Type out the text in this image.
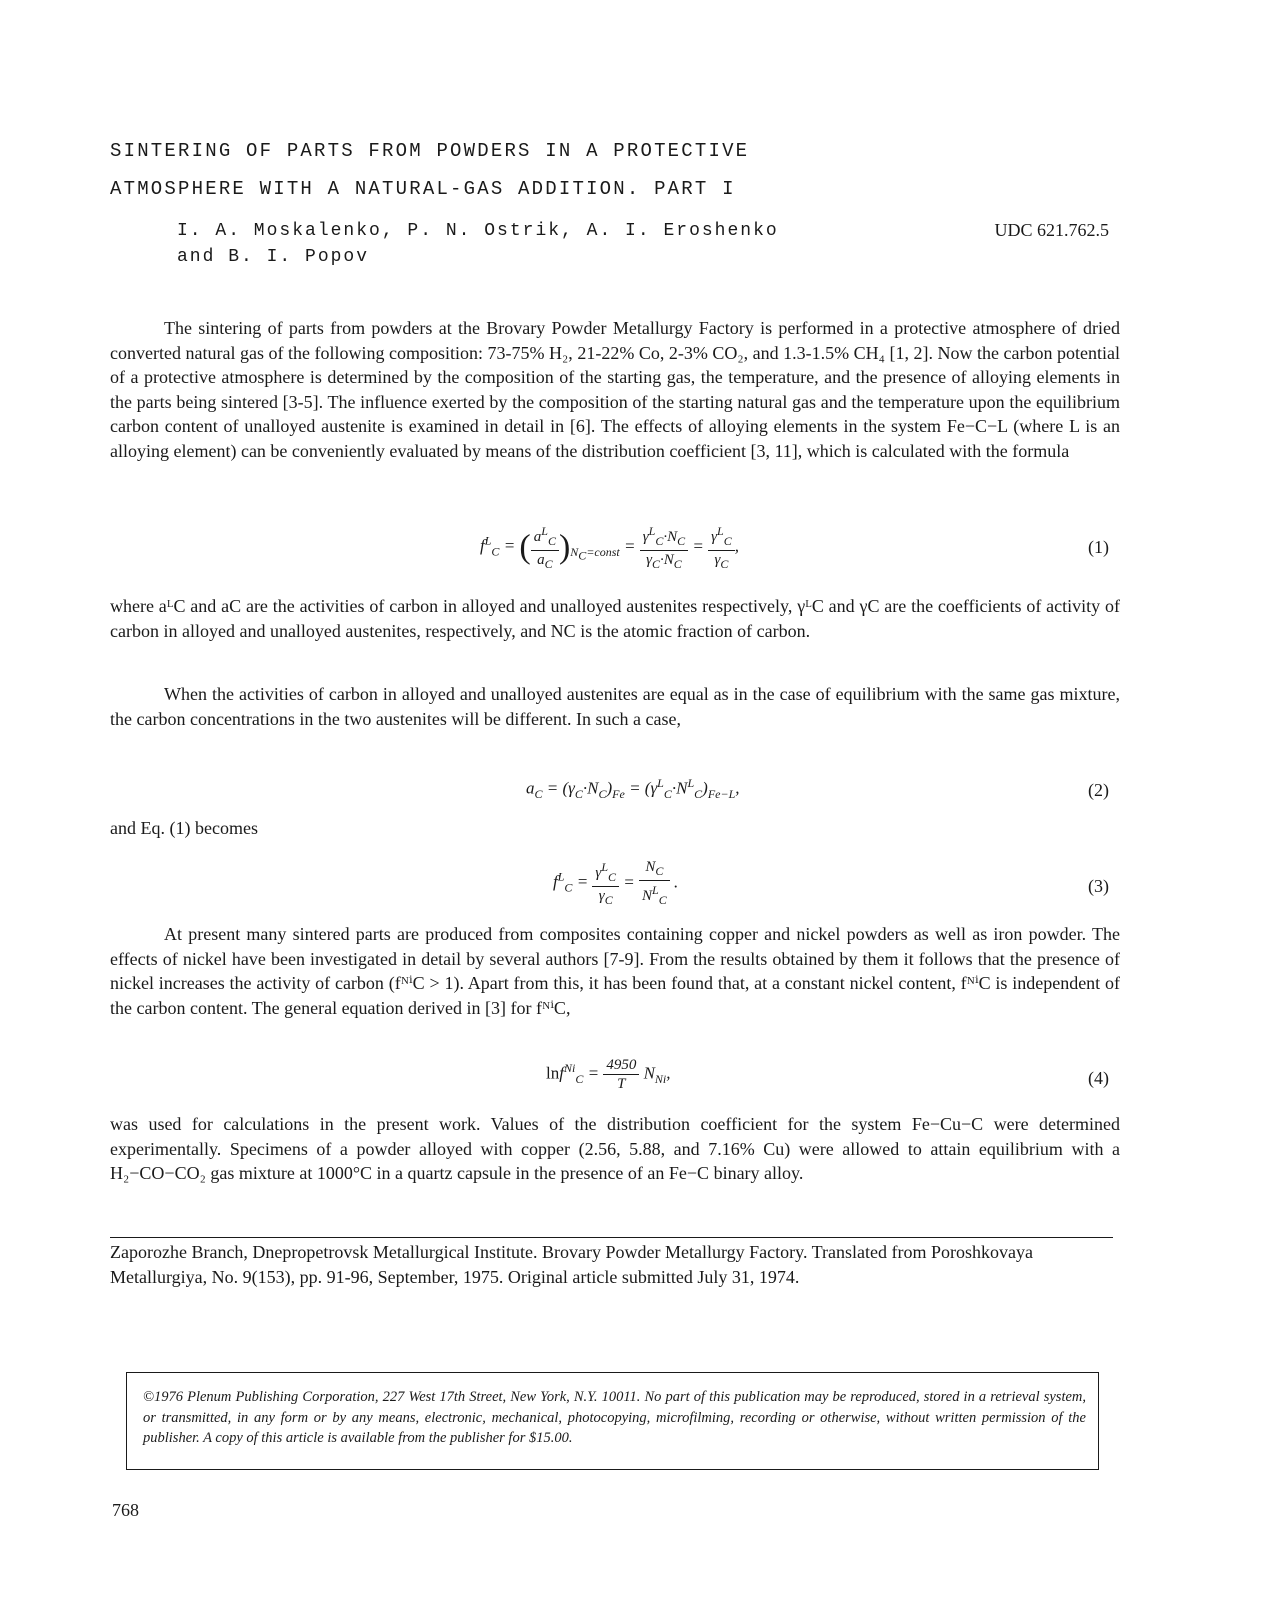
SINTERING OF PARTS FROM POWDERS IN A PROTECTIVE
ATMOSPHERE WITH A NATURAL-GAS ADDITION. PART I
I. A. Moskalenko, P. N. Ostrik, A. I. Eroshenko
and B. I. Popov
UDC 621.762.5

The sintering of parts from powders at the Brovary Powder Metallurgy Factory is performed in a protective atmosphere of dried converted natural gas of the following composition: 73-75% H₂, 21-22% Co, 2-3% CO₂, and 1.3-1.5% CH₄ [1, 2]. Now the carbon potential of a protective atmosphere is determined by the composition of the starting gas, the temperature, and the presence of alloying elements in the parts being sintered [3-5]. The influence exerted by the composition of the starting natural gas and the temperature upon the equilibrium carbon content of unalloyed austenite is examined in detail in [6]. The effects of alloying elements in the system Fe−C−L (where L is an alloying element) can be conveniently evaluated by means of the distribution coefficient [3, 11], which is calculated with the formula

$f^L_C$ = ( $\frac{a^L_C}{a_C} )_{N_C=const} = \frac{\gamma^L_C\cdot N_C}{\gamma_C\cdot N_C} = \frac{\gamma^L_C}{\gamma_C}$ ,	(1)

where aᴸC and aC are the activities of carbon in alloyed and unalloyed austenites respectively, γᴸC and γC are the coefficients of activity of carbon in alloyed and unalloyed austenites, respectively, and NC is the atomic fraction of carbon.

When the activities of carbon in alloyed and unalloyed austenites are equal as in the case of equilibrium with the same gas mixture, the carbon concentrations in the two austenites will be different. In such a case,

$a_C = (\gamma_C\cdot N_C)_{Fe} = (\gamma^L_C\cdot N^L_C)_{Fe-L}$,	(2)

and Eq. (1) becomes

$f^L_C = \frac{\gamma^L_C}{\gamma_C} = \frac{N_C}{N^L_C}$ .	(3)

At present many sintered parts are produced from composites containing copper and nickel powders as well as iron powder. The effects of nickel have been investigated in detail by several authors [7-9]. From the results obtained by them it follows that the presence of nickel increases the activity of carbon (fᴺⁱC > 1). Apart from this, it has been found that, at a constant nickel content, fᴺⁱC is independent of the carbon content. The general equation derived in [3] for fᴺⁱC,

$\ln f^{Ni}_C = \frac{4950}{T} N_{Ni}$,	(4)

was used for calculations in the present work. Values of the distribution coefficient for the system Fe−Cu−C were determined experimentally. Specimens of a powder alloyed with copper (2.56, 5.88, and 7.16% Cu) were allowed to attain equilibrium with a H₂−CO−CO₂ gas mixture at 1000°C in a quartz capsule in the presence of an Fe−C binary alloy.

Zaporozhe Branch, Dnepropetrovsk Metallurgical Institute. Brovary Powder Metallurgy Factory. Translated from Poroshkovaya Metallurgiya, No. 9(153), pp. 91-96, September, 1975. Original article submitted July 31, 1974.
©1976 Plenum Publishing Corporation, 227 West 17th Street, New York, N.Y. 10011. No part of this publication may be reproduced, stored in a retrieval system, or transmitted, in any form or by any means, electronic, mechanical, photocopying, microfilming, recording or otherwise, without written permission of the publisher. A copy of this article is available from the publisher for $15.00.
768
